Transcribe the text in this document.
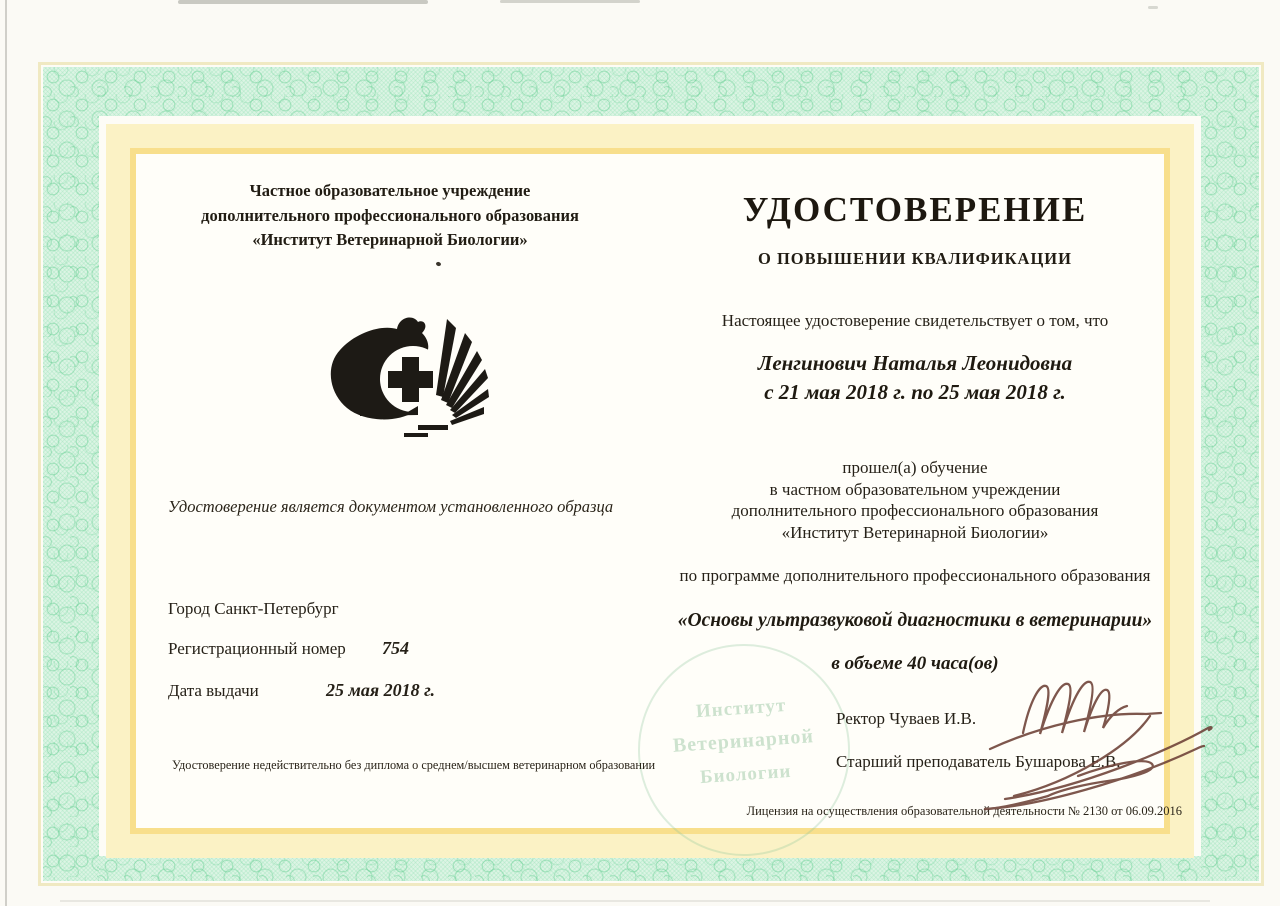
Институт
Ветеринарной
Биологии
Частное образовательное учреждение
дополнительного профессионального образования
«Институт Ветеринарной Биологии»
Удостоверение является документом установленного образца
Город Санкт-Петербург
Регистрационный номер 754
Дата выдачи	25 мая 2018 г.
Удостоверение недействительно без диплома о среднем/высшем ветеринарном образовании
УДОСТОВЕРЕНИЕ
О ПОВЫШЕНИИ КВАЛИФИКАЦИИ
Настоящее удостоверение свидетельствует о том, что
Ленгинович Наталья Леонидовна
с 21 мая 2018 г. по 25 мая 2018 г.
прошел(а) обучение
в частном образовательном учреждении
дополнительного профессионального образования
«Институт Ветеринарной Биологии»
по программе дополнительного профессионального образования
«Основы ультразвуковой диагностики в ветеринарии»
в объеме 40 часа(ов)
Ректор Чуваев И.В.
Старший преподаватель Бушарова Е.В.
Лицензия на осуществления образовательной деятельности № 2130 от 06.09.2016
